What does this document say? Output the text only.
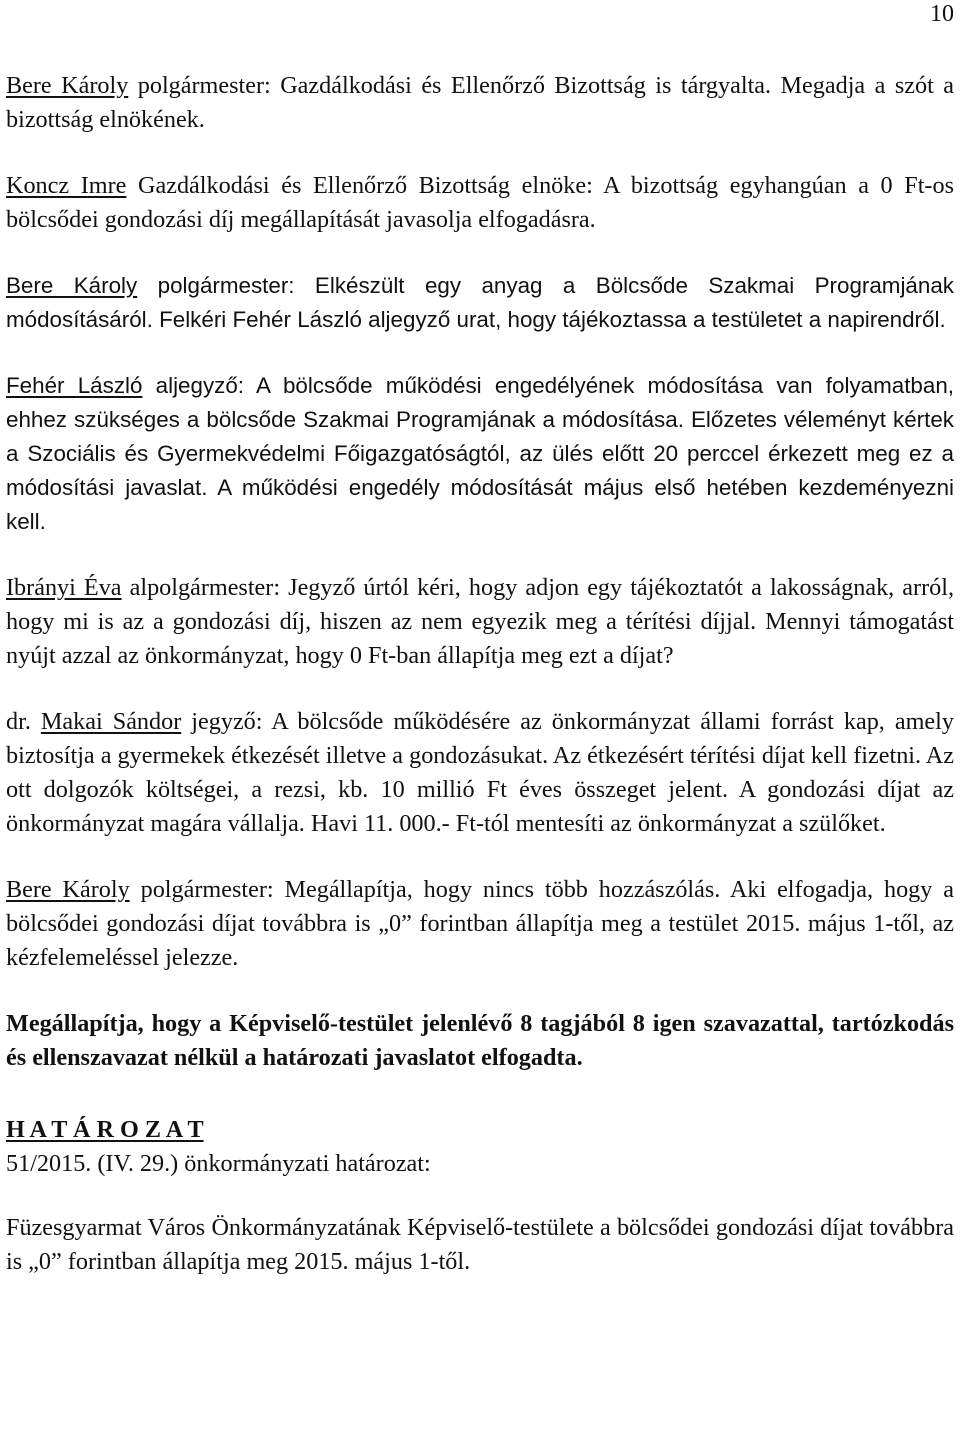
10

Bere Károly polgármester: Gazdálkodási és Ellenőrző Bizottság is tárgyalta. Megadja a szót a bizottság elnökének.

Koncz Imre Gazdálkodási és Ellenőrző Bizottság elnöke: A bizottság egyhangúan a 0 Ft-os bölcsődei gondozási díj megállapítását javasolja elfogadásra.

Bere Károly polgármester: Elkészült egy anyag a Bölcsőde Szakmai Programjának módosításáról. Felkéri Fehér László aljegyző urat, hogy tájékoztassa a testületet a napirendről.

Fehér László aljegyző: A bölcsőde működési engedélyének módosítása van folyamatban, ehhez szükséges a bölcsőde Szakmai Programjának a módosítása. Előzetes véleményt kértek a Szociális és Gyermekvédelmi Főigazgatóságtól, az ülés előtt 20 perccel érkezett meg ez a módosítási javaslat. A működési engedély módosítását május első hetében kezdeményezni kell.

Ibrányi Éva alpolgármester: Jegyző úrtól kéri, hogy adjon egy tájékoztatót a lakosságnak, arról, hogy mi is az a gondozási díj, hiszen az nem egyezik meg a térítési díjjal. Mennyi támogatást nyújt azzal az önkormányzat, hogy 0 Ft-ban állapítja meg ezt a díjat?

dr. Makai Sándor jegyző: A bölcsőde működésére az önkormányzat állami forrást kap, amely biztosítja a gyermekek étkezését illetve a gondozásukat. Az étkezésért térítési díjat kell fizetni. Az ott dolgozók költségei, a rezsi, kb. 10 millió Ft éves összeget jelent. A gondozási díjat az önkormányzat magára vállalja. Havi 11. 000.- Ft-tól mentesíti az önkormányzat a szülőket.

Bere Károly polgármester: Megállapítja, hogy nincs több hozzászólás. Aki elfogadja, hogy a bölcsődei gondozási díjat továbbra is „0” forintban állapítja meg a testület 2015. május 1-től, az kézfelemeléssel jelezze.

Megállapítja, hogy a Képviselő-testület jelenlévő 8 tagjából 8 igen szavazattal, tartózkodás és ellenszavazat nélkül a határozati javaslatot elfogadta.

H A T Á R O Z A T
51/2015. (IV. 29.) önkormányzati határozat:

Füzesgyarmat Város Önkormányzatának Képviselő-testülete a bölcsődei gondozási díjat továbbra is „0” forintban állapítja meg 2015. május 1-től.
